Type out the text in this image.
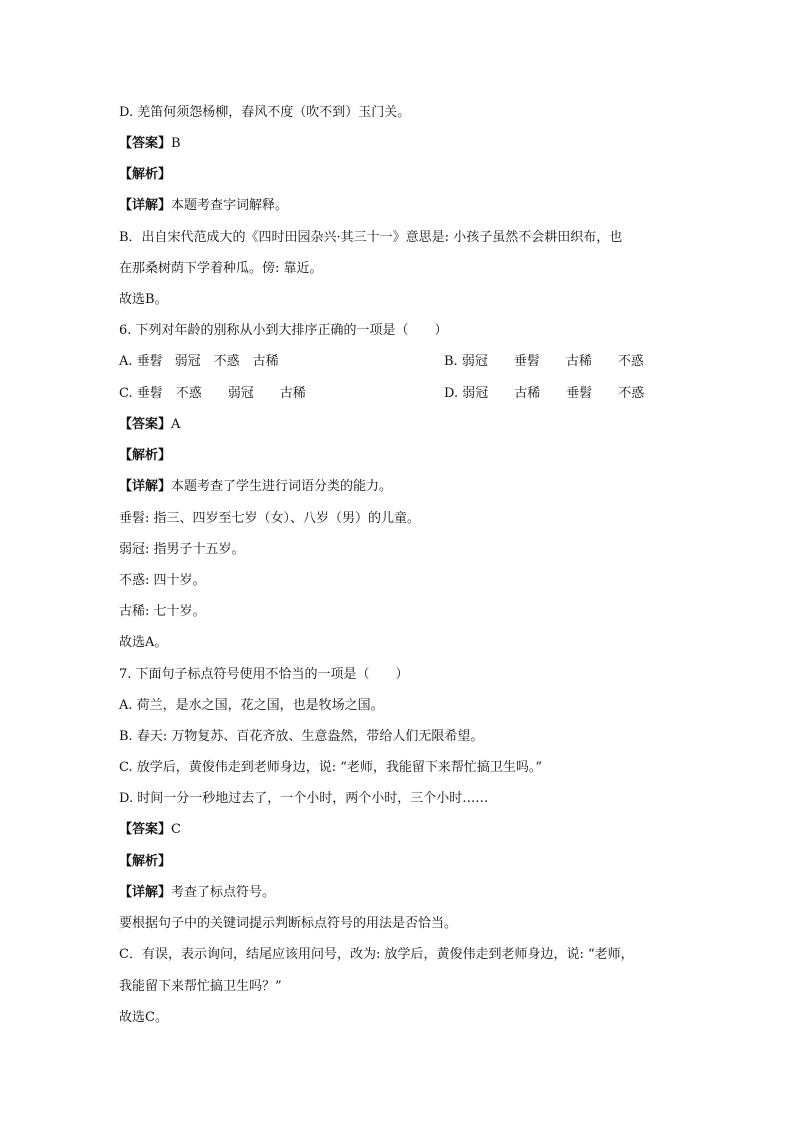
D. 羌笛何须怨杨柳，春风不度（吹不到）玉门关。
【答案】B
【解析】
【详解】本题考查字词解释。
B．出自宋代范成大的《四时田园杂兴·其三十一》意思是: 小孩子虽然不会耕田织布，也
在那桑树荫下学着种瓜。傍: 靠近。
故选B。
6. 下列对年龄的别称从小到大排序正确的一项是（　　）
A. 垂髫 弱冠　不惑　古稀	B. 弱冠　　垂髫　　古稀　　不惑
C. 垂髫　不惑　　弱冠　　古稀	D. 弱冠　　古稀　　垂髫　　不惑
【答案】A
【解析】
【详解】本题考查了学生进行词语分类的能力。
垂髫: 指三、四岁至七岁（女）、八岁（男）的儿童。
弱冠: 指男子十五岁。
不惑: 四十岁。
古稀: 七十岁。
故选A。
7. 下面句子标点符号使用不恰当的一项是（　　）
A. 荷兰，是水之国，花之国，也是牧场之国。
B. 春天: 万物复苏、百花齐放、生意盎然，带给人们无限希望。
C. 放学后，黄俊伟走到老师身边，说: “老师，我能留下来帮忙搞卫生吗。”
D. 时间一分一秒地过去了，一个小时，两个小时，三个小时……
【答案】C
【解析】
【详解】考查了标点符号。
要根据句子中的关键词提示判断标点符号的用法是否恰当。
C．有误，表示询问，结尾应该用问号，改为: 放学后，黄俊伟走到老师身边，说: “老师，
我能留下来帮忙搞卫生吗？”
故选C。
